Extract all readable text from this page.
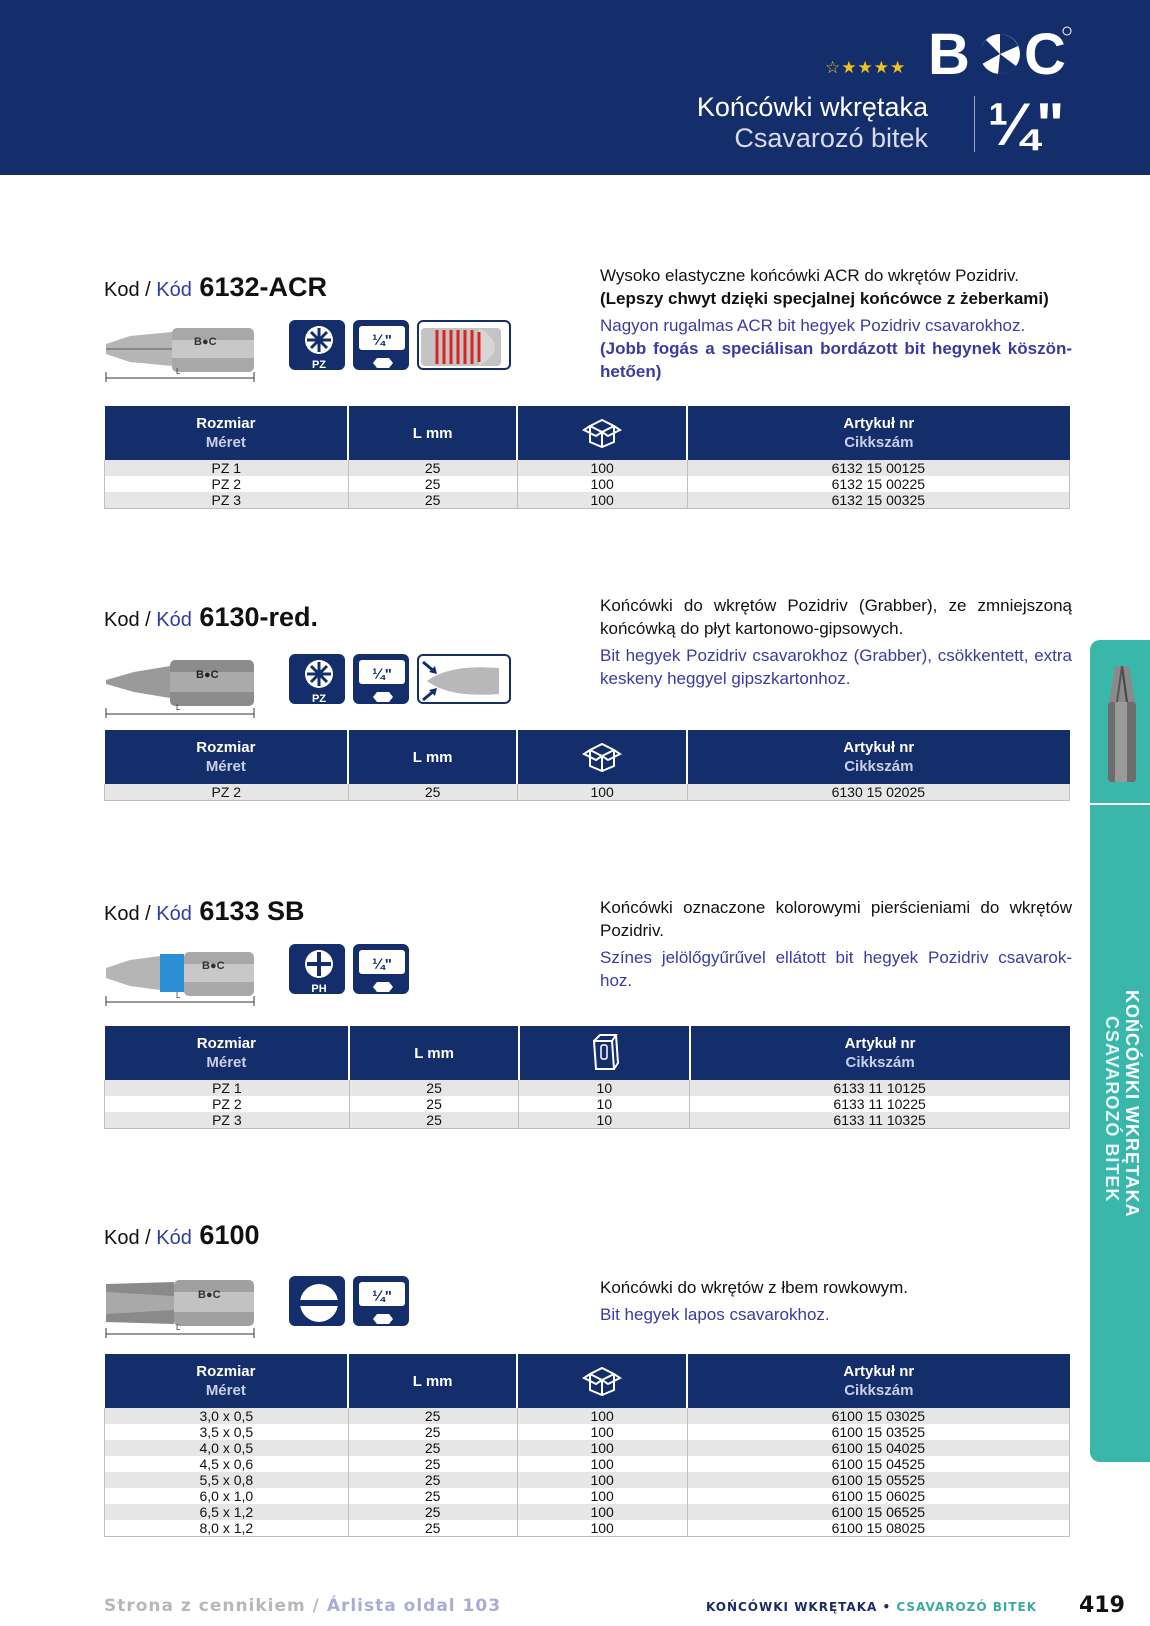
☆★★★★ B C
Końcówki wkrętaka
Csavarozó bitek ¼"
KOŃCÓWKI WKRĘTAKA
CSAVAROZÓ BITEK
Kod / Kód 6132-ACR
B●C
L
PZ
¼"

Wysoko elastyczne końcówki ACR do wkrętów Pozidriv.
(Lepszy chwyt dzięki specjalnej końcówce z żeberkami)

Nagyon rugalmas ACR bit hegyek Pozidriv csavarokhoz.
(Jobb fogás a speciálisan bordázott bit hegynek köszön-hetően)

Rozmiar
Méret	L mm		Artykuł nr
Cikkszám
PZ 1	25	100	6132 15 00125
PZ 2	25	100	6132 15 00225
PZ 3	25	100	6132 15 00325
Kod / Kód 6130-red.
B●C
L
PZ
¼"

Końcówki do wkrętów Pozidriv (Grabber), ze zmniejszoną końcówką do płyt kartonowo-gipsowych.

Bit hegyek Pozidriv csavarokhoz (Grabber), csökkentett, extra keskeny heggyel gipszkartonhoz.

Rozmiar
Méret	L mm		Artykuł nr
Cikkszám
PZ 2	25	100	6130 15 02025
Kod / Kód 6133 SB
B●C
L
PH
¼"

Końcówki oznaczone kolorowymi pierścieniami do wkrętów Pozidriv.

Színes jelölőgyűrűvel ellátott bit hegyek Pozidriv csavarok-hoz.

Rozmiar
Méret	L mm		Artykuł nr
Cikkszám
PZ 1	25	10	6133 11 10125
PZ 2	25	10	6133 11 10225
PZ 3	25	10	6133 11 10325
Kod / Kód 6100
B●C
L
¼"	Końcówki do wkrętów z łbem rowkowym.

Bit hegyek lapos csavarokhoz.

Rozmiar
Méret	L mm		Artykuł nr
Cikkszám
3,0 x 0,5	25	100	6100 15 03025
3,5 x 0,5	25	100	6100 15 03525
4,0 x 0,5	25	100	6100 15 04025
4,5 x 0,6	25	100	6100 15 04525
5,5 x 0,8	25	100	6100 15 05525
6,0 x 1,0	25	100	6100 15 06025
6,5 x 1,2	25	100	6100 15 06525
8,0 x 1,2	25	100	6100 15 08025
Strona z cennikiem / Árlista oldal 103	KOŃCÓWKI WKRĘTAKA • CSAVAROZÓ BITEK 419
